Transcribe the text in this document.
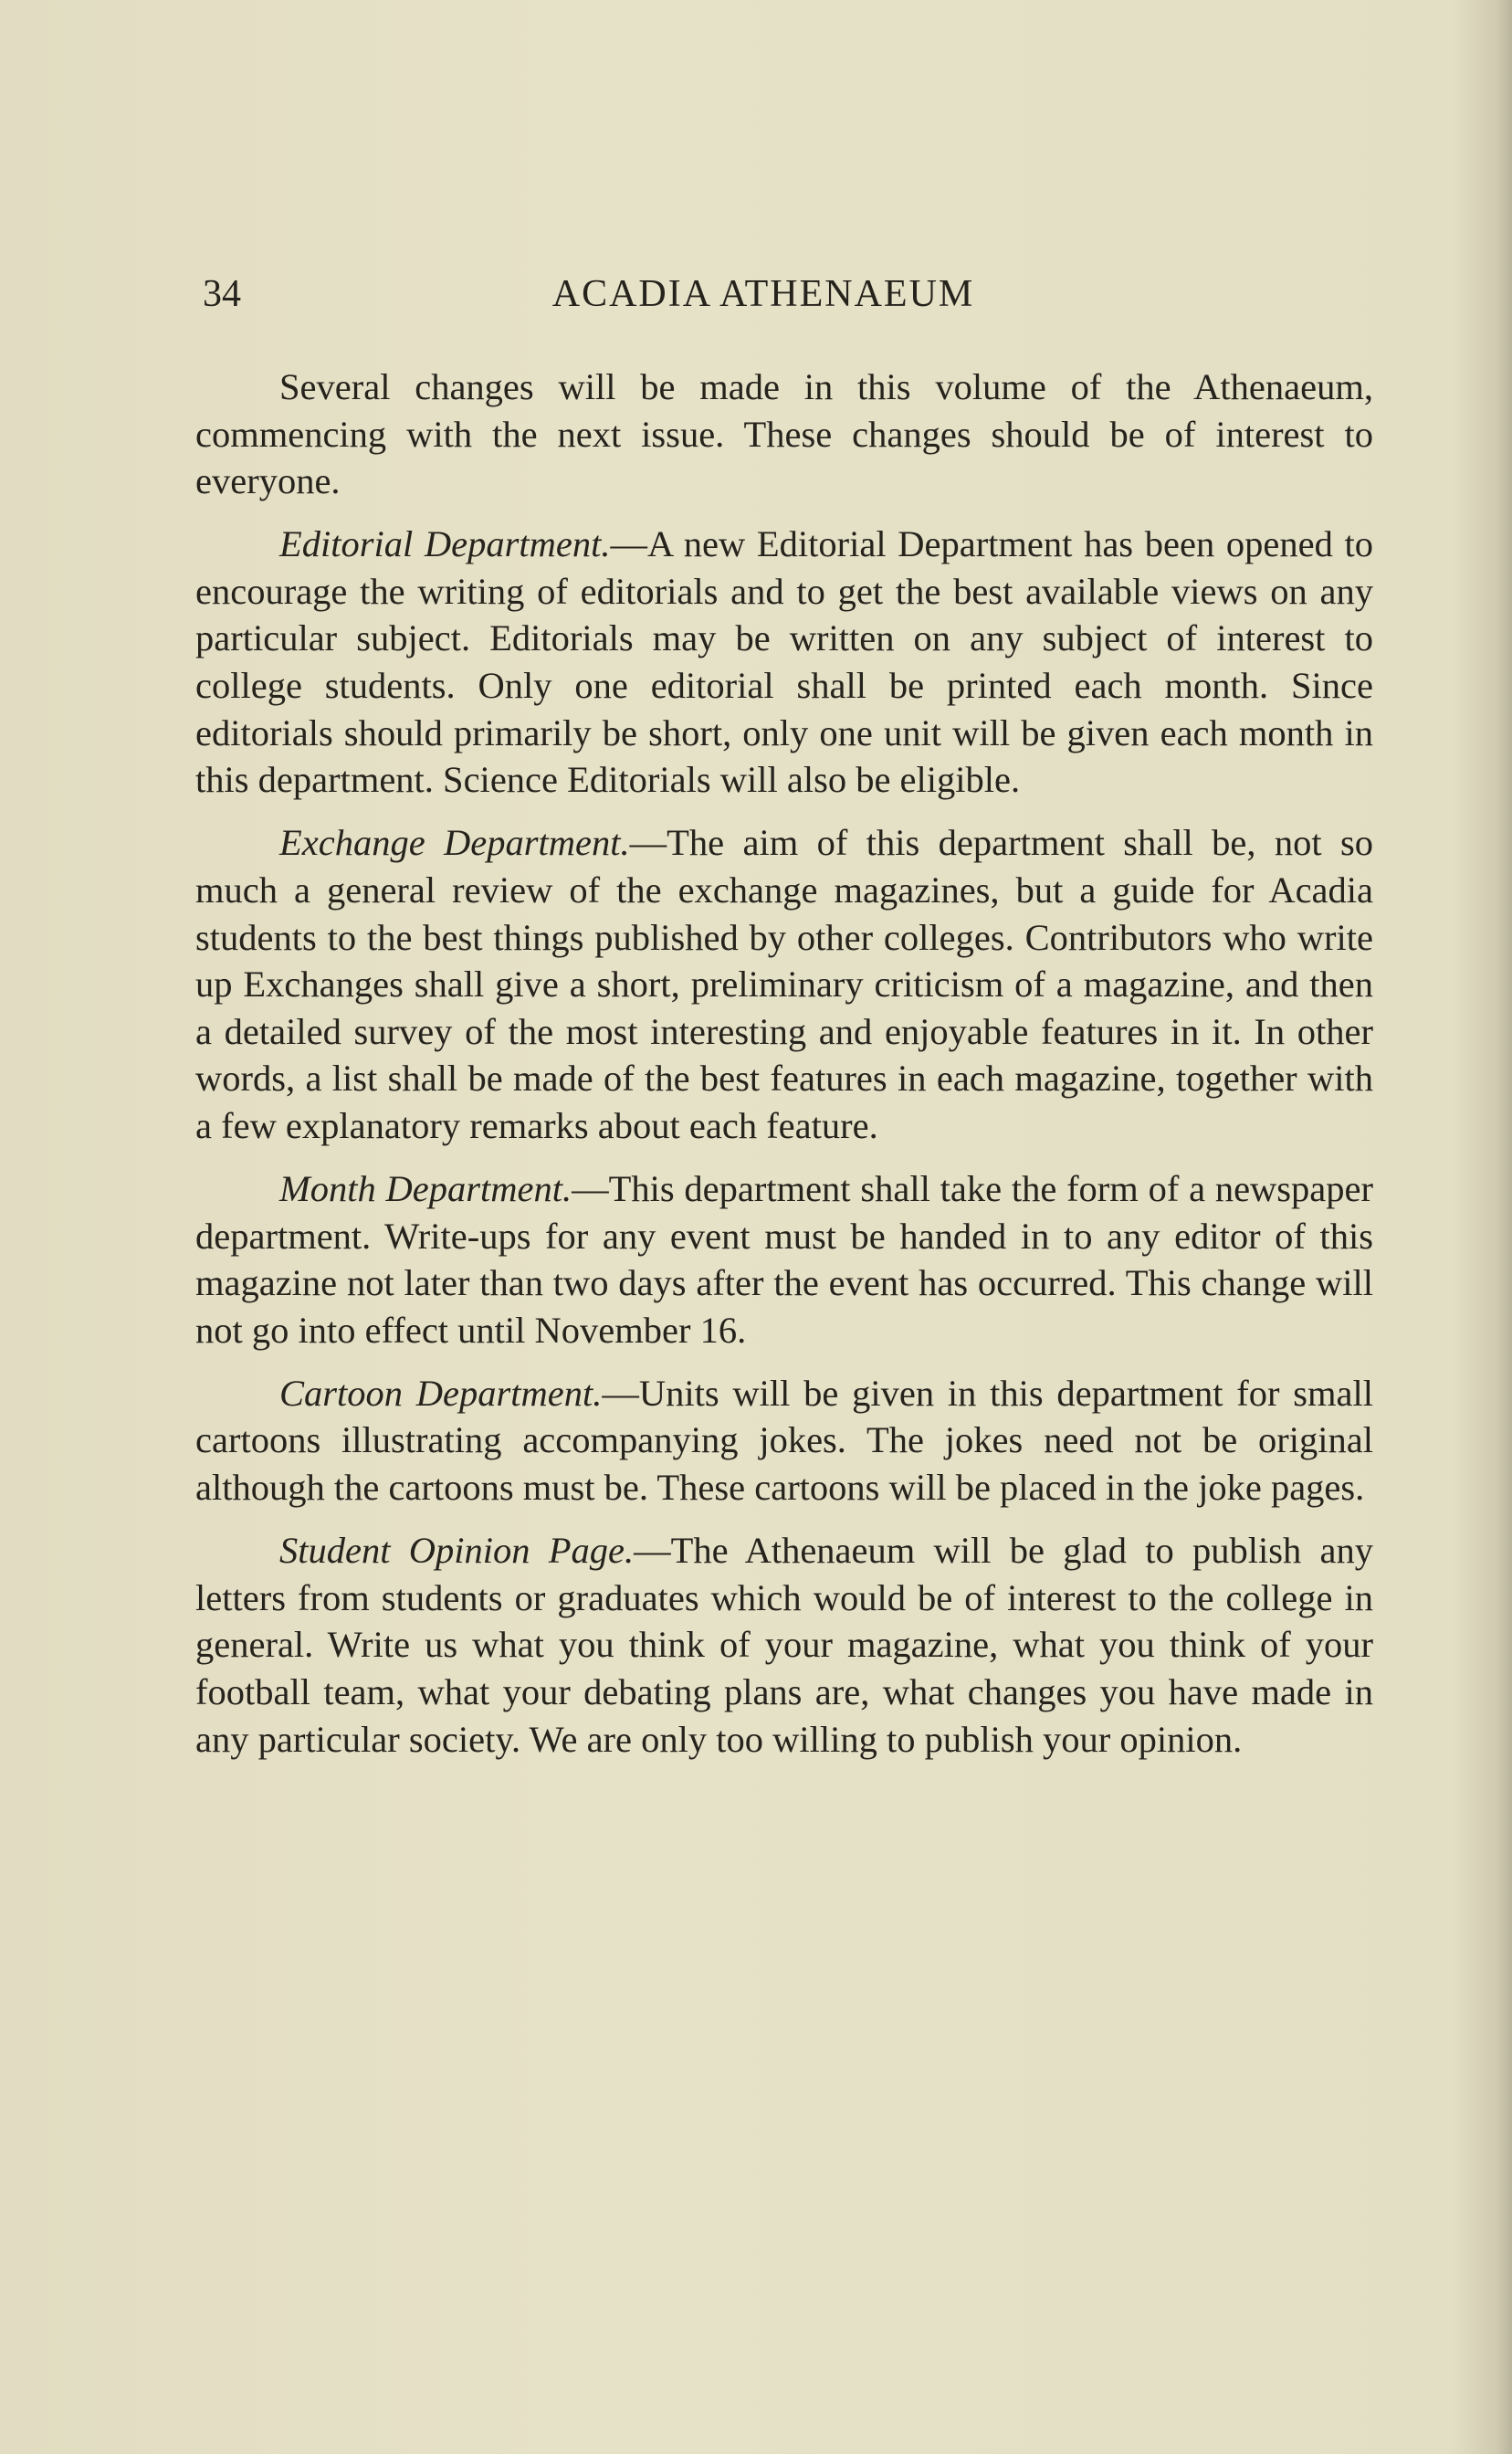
34	ACADIA ATHENAEUM

Several changes will be made in this volume of the Athenaeum, commencing with the next issue. These changes should be of interest to everyone.

Editorial Department.—A new Editorial Department has been opened to encourage the writing of editorials and to get the best available views on any particular subject. Editorials may be written on any subject of interest to college students. Only one editorial shall be printed each month. Since editorials should primarily be short, only one unit will be given each month in this department. Science Editorials will also be eligible.

Exchange Department.—The aim of this department shall be, not so much a general review of the exchange magazines, but a guide for Acadia students to the best things published by other colleges. Contributors who write up Exchanges shall give a short, preliminary criticism of a magazine, and then a detailed survey of the most interesting and enjoyable features in it. In other words, a list shall be made of the best features in each magazine, together with a few explanatory remarks about each feature.

Month Department.—This department shall take the form of a newspaper department. Write-ups for any event must be handed in to any editor of this magazine not later than two days after the event has occurred. This change will not go into effect until November 16.

Cartoon Department.—Units will be given in this department for small cartoons illustrating accompanying jokes. The jokes need not be original although the cartoons must be. These cartoons will be placed in the joke pages.

Student Opinion Page.—The Athenaeum will be glad to publish any letters from students or graduates which would be of interest to the college in general. Write us what you think of your magazine, what you think of your football team, what your debating plans are, what changes you have made in any particular society. We are only too willing to publish your opinion.
